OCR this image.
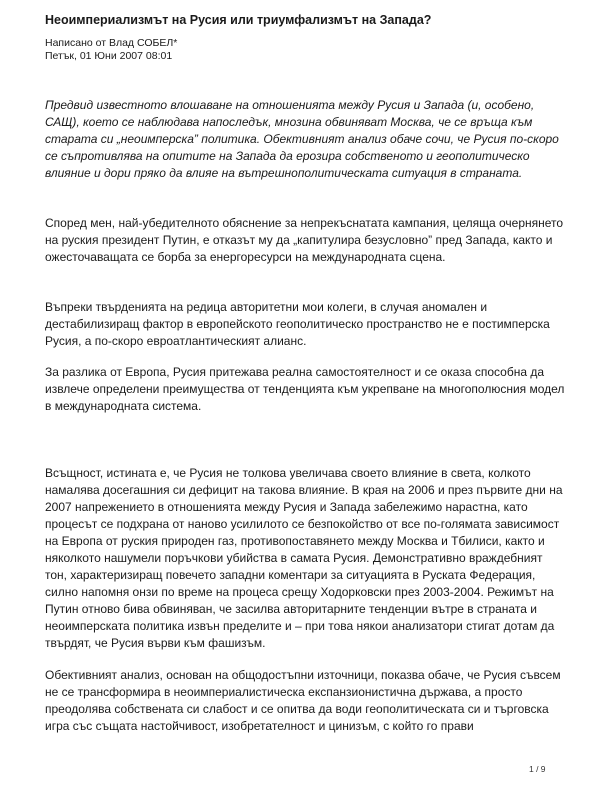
Неоимпериализмът на Русия или триумфализмът на Запада?
Написано от Влад СОБЕЛ*
Петък, 01 Юни 2007 08:01

Предвид известното влошаване на отношенията между Русия и Запада (и, особено, САЩ), което се наблюдава напоследък, мнозина обвиняват Москва, че се връща към старата си „неоимперска” политика. Обективният анализ обаче сочи, че Русия по-скоро се съпротивлява на опитите на Запада да ерозира собственото и геополитическо влияние и дори пряко да влияе на вътрешнополитическата ситуация в страната.

Според мен, най-убедителното обяснение за непрекъснатата кампания, целяща очернянето на руския президент Путин, е отказът му да „капитулира безусловно” пред Запада, както и ожесточаващата се борба за енергоресурси на международната сцена.

Въпреки твърденията на редица авторитетни мои колеги, в случая аномален и дестабилизиращ фактор в европейското геополитическо пространство не е постимперска Русия, а по-скоро евроатлантическият алианс.

За разлика от Европа, Русия притежава реална самостоятелност и се оказа способна да извлече определени преимущества от тенденцията към укрепване на многополюсния модел в международната система.

Всъщност, истината е, че Русия не толкова увеличава своето влияние в света, колкото намалява досегашния си дефицит на такова влияние. В края на 2006 и през първите дни на 2007 напрежението в отношенията между Русия и Запада забележимо нарастна, като процесът се подхрана от наново усилилото се безпокойство от все по-голямата зависимост на Европа от руския природен газ, противопоставянето между Москва и Тбилиси, както и няколкото нашумели поръчкови убийства в самата Русия. Демонстративно враждебният тон, характеризиращ повечето западни коментари за ситуацията в Руската Федерация, силно напомня онзи по време на процеса срещу Ходорковски през 2003-2004. Режимът на Путин отново бива обвиняван, че засилва авторитарните тенденции вътре в страната и неоимперската политика извън пределите и – при това някои анализатори стигат дотам да твърдят, че Русия върви към фашизъм.

Обективният анализ, основан на общодостъпни източници, показва обаче, че Русия съвсем не се трансформира в неоимпериалистическа експанзионистична държава, а просто преодолява собствената си слабост и се опитва да води геополитическата си и търговска игра със същата настойчивост, изобретателност и цинизъм, с който го прави

1 / 9
